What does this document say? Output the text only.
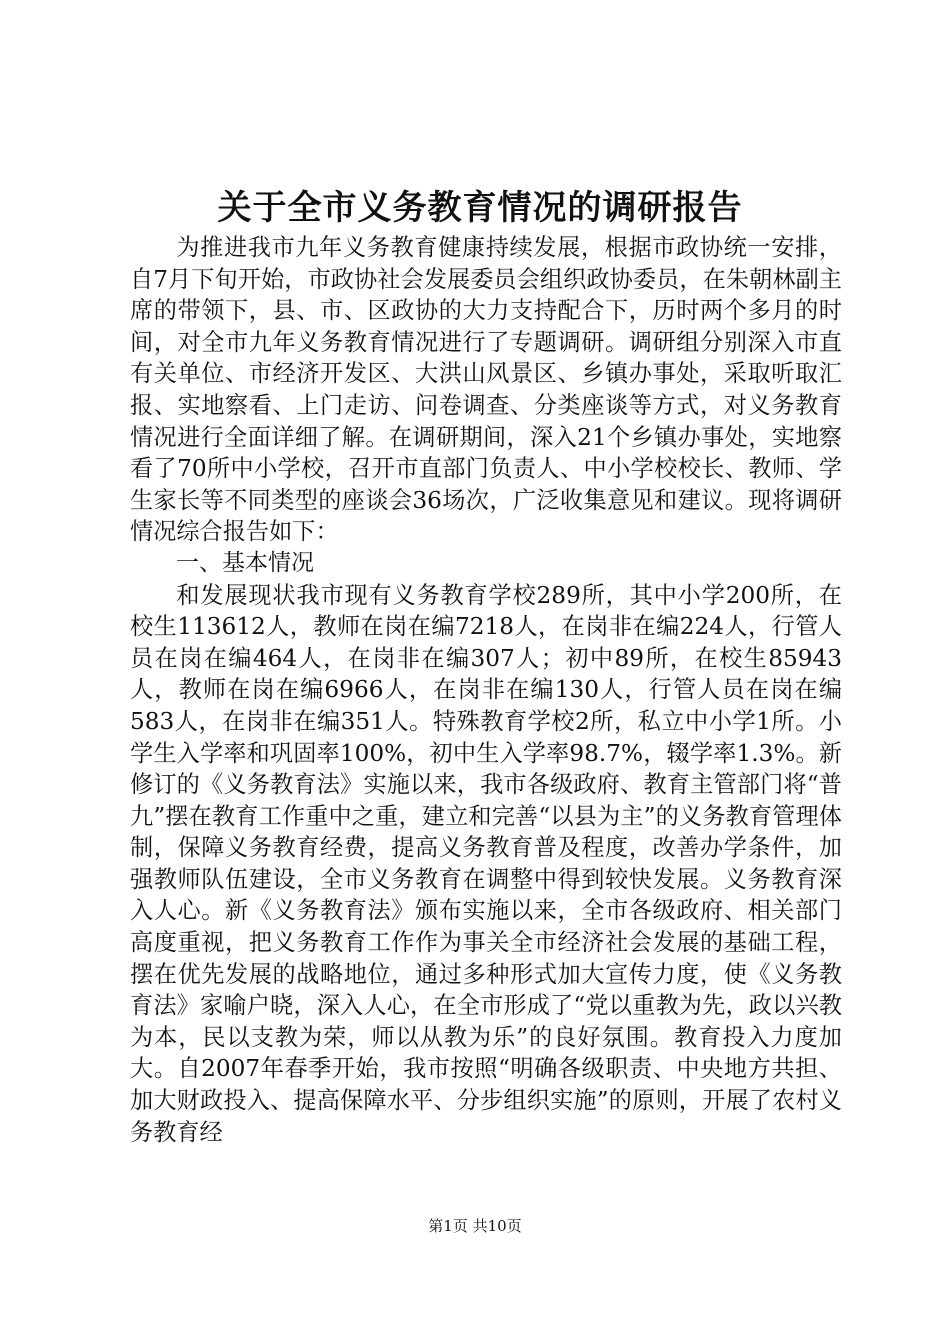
关于全市义务教育情况的调研报告

为推进我市九年义务教育健康持续发展，根据市政协统一安排，自7月下旬开始，市政协社会发展委员会组织政协委员，在朱朝林副主席的带领下，县、市、区政协的大力支持配合下，历时两个多月的时间，对全市九年义务教育情况进行了专题调研。调研组分别深入市直有关单位、市经济开发区、大洪山风景区、乡镇办事处，采取听取汇报、实地察看、上门走访、问卷调查、分类座谈等方式，对义务教育情况进行全面详细了解。在调研期间，深入21个乡镇办事处，实地察看了70所中小学校，召开市直部门负责人、中小学校校长、教师、学生家长等不同类型的座谈会36场次，广泛收集意见和建议。现将调研情况综合报告如下：

一、基本情况

和发展现状我市现有义务教育学校289所，其中小学200所，在校生113612人，教师在岗在编7218人，在岗非在编224人，行管人员在岗在编464人，在岗非在编307人；初中89所，在校生85943人，教师在岗在编6966人，在岗非在编130人，行管人员在岗在编583人，在岗非在编351人。特殊教育学校2所，私立中小学1所。小学生入学率和巩固率100%，初中生入学率98.7%，辍学率1.3%。新修订的《义务教育法》实施以来，我市各级政府、教育主管部门将“普九”摆在教育工作重中之重，建立和完善“以县为主”的义务教育管理体制，保障义务教育经费，提高义务教育普及程度，改善办学条件，加强教师队伍建设，全市义务教育在调整中得到较快发展。义务教育深入人心。新《义务教育法》颁布实施以来，全市各级政府、相关部门高度重视，把义务教育工作作为事关全市经济社会发展的基础工程，摆在优先发展的战略地位，通过多种形式加大宣传力度，使《义务教育法》家喻户晓，深入人心，在全市形成了“党以重教为先，政以兴教为本，民以支教为荣，师以从教为乐”的良好氛围。教育投入力度加大。自2007年春季开始，我市按照“明确各级职责、中央地方共担、加大财政投入、提高保障水平、分步组织实施”的原则，开展了农村义务教育经

第1页 共10页
